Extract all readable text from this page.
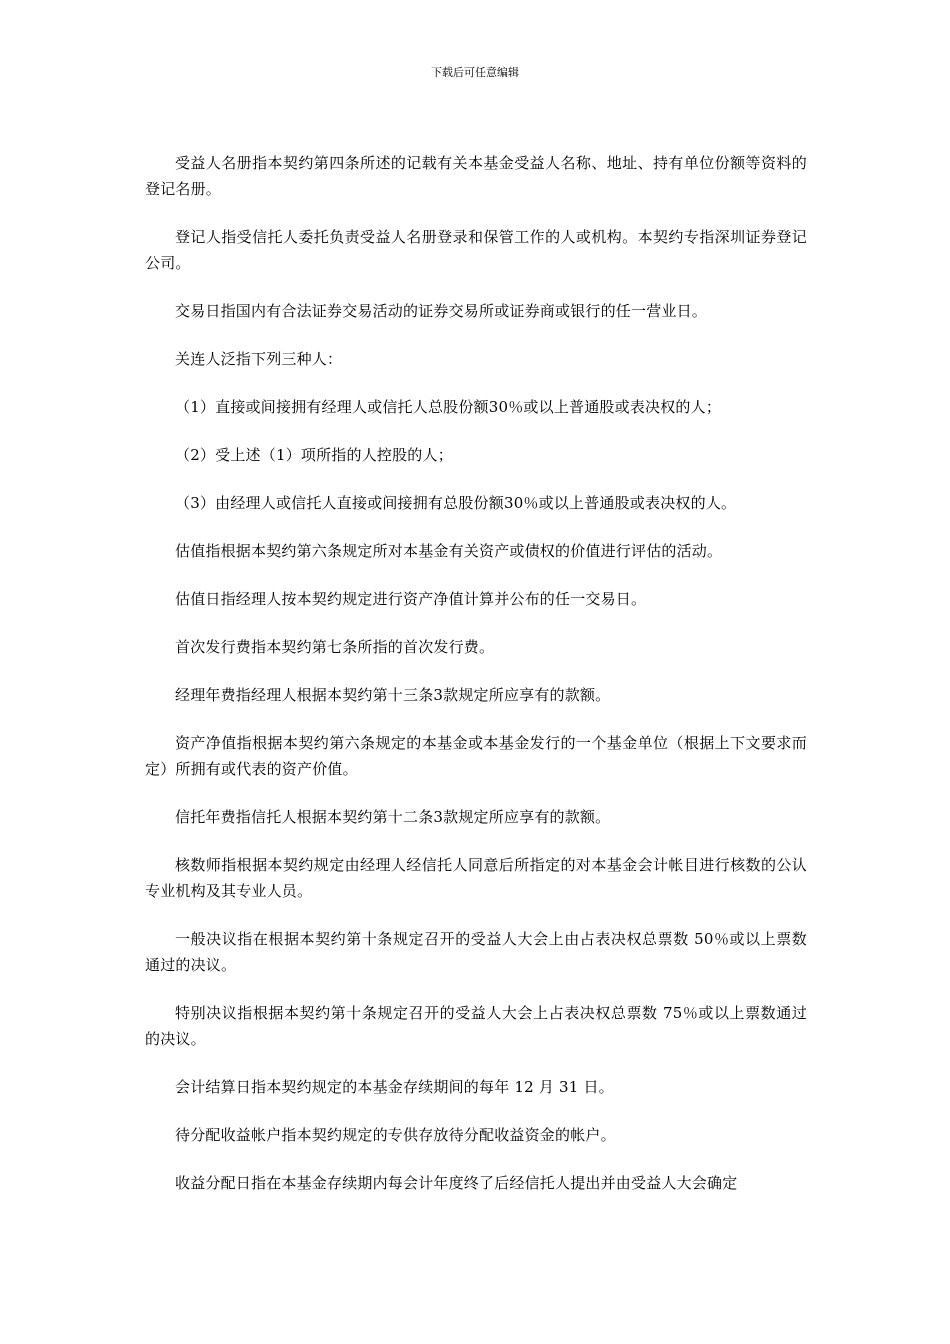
下载后可任意编辑

受益人名册指本契约第四条所述的记载有关本基金受益人名称、地址、持有单位份额等资料的登记名册。

登记人指受信托人委托负责受益人名册登录和保管工作的人或机构。本契约专指深圳证券登记公司。

交易日指国内有合法证券交易活动的证券交易所或证券商或银行的任一营业日。

关连人泛指下列三种人：

（1）直接或间接拥有经理人或信托人总股份额30％或以上普通股或表决权的人；

（2）受上述（1）项所指的人控股的人；

（3）由经理人或信托人直接或间接拥有总股份额30％或以上普通股或表决权的人。

估值指根据本契约第六条规定所对本基金有关资产或债权的价值进行评估的活动。

估值日指经理人按本契约规定进行资产净值计算并公布的任一交易日。

首次发行费指本契约第七条所指的首次发行费。

经理年费指经理人根据本契约第十三条3款规定所应享有的款额。

资产净值指根据本契约第六条规定的本基金或本基金发行的一个基金单位（根据上下文要求而定）所拥有或代表的资产价值。

信托年费指信托人根据本契约第十二条3款规定所应享有的款额。

核数师指根据本契约规定由经理人经信托人同意后所指定的对本基金会计帐目进行核数的公认专业机构及其专业人员。

一般决议指在根据本契约第十条规定召开的受益人大会上由占表决权总票数 50％或以上票数通过的决议。

特别决议指根据本契约第十条规定召开的受益人大会上占表决权总票数 75％或以上票数通过的决议。

会计结算日指本契约规定的本基金存续期间的每年 12 月 31 日。

待分配收益帐户指本契约规定的专供存放待分配收益资金的帐户。

收益分配日指在本基金存续期内每会计年度终了后经信托人提出并由受益人大会确定
